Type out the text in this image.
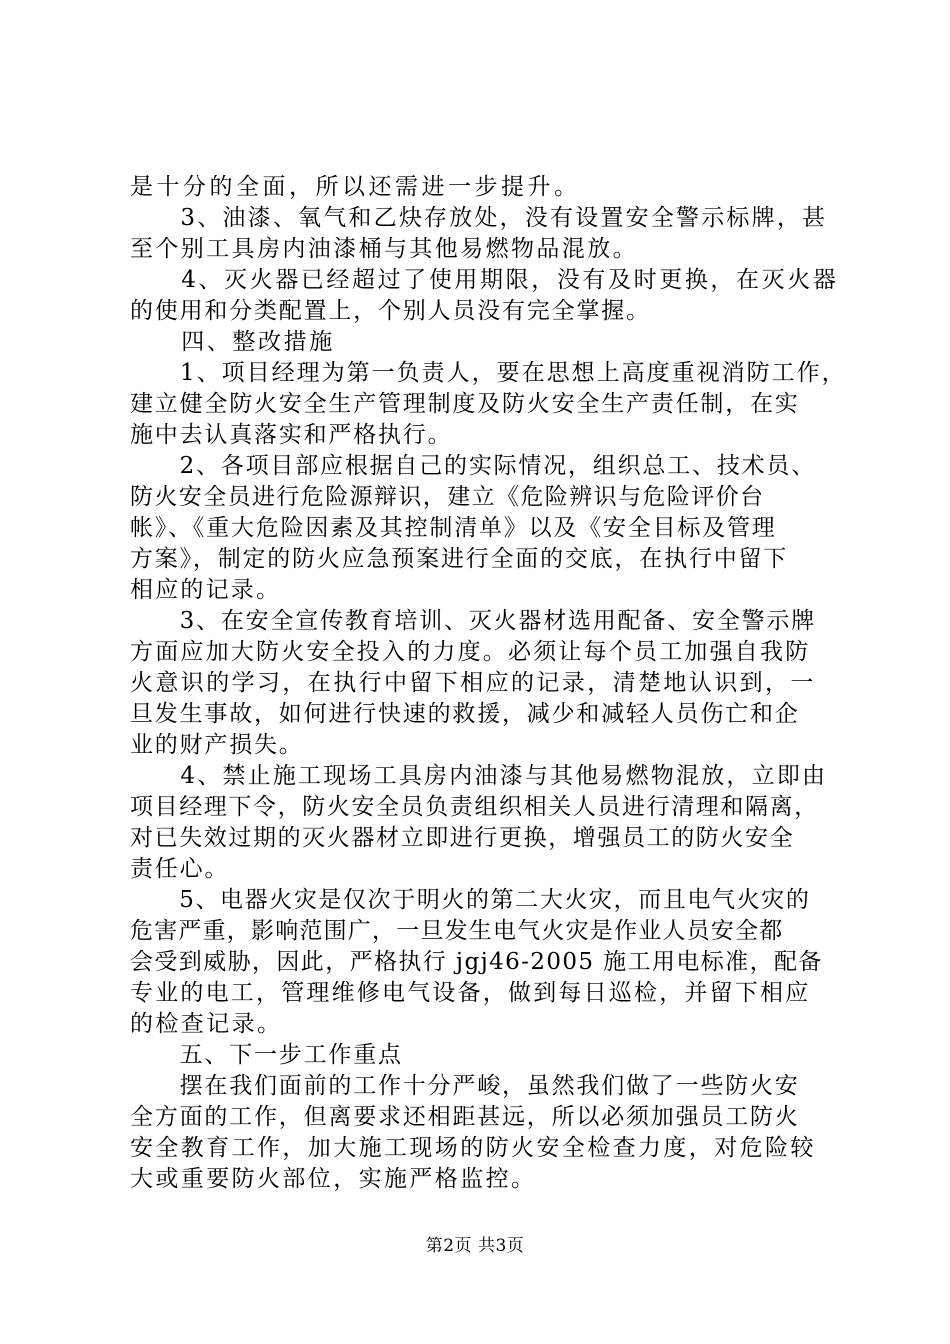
是十分的全面，所以还需进一步提升。
　　3、油漆、氧气和乙炔存放处，没有设置安全警示标牌，甚
至个别工具房内油漆桶与其他易燃物品混放。
　　4、灭火器已经超过了使用期限，没有及时更换，在灭火器
的使用和分类配置上，个别人员没有完全掌握。
　　四、整改措施
　　1、项目经理为第一负责人，要在思想上高度重视消防工作，
建立健全防火安全生产管理制度及防火安全生产责任制，在实
施中去认真落实和严格执行。
　　2、各项目部应根据自己的实际情况，组织总工、技术员、
防火安全员进行危险源辩识，建立《危险辨识与危险评价台
帐》、《重大危险因素及其控制清单》以及《安全目标及管理
方案》，制定的防火应急预案进行全面的交底，在执行中留下
相应的记录。
　　3、在安全宣传教育培训、灭火器材选用配备、安全警示牌
方面应加大防火安全投入的力度。必须让每个员工加强自我防
火意识的学习，在执行中留下相应的记录，清楚地认识到，一
旦发生事故，如何进行快速的救援，减少和减轻人员伤亡和企
业的财产损失。
　　4、禁止施工现场工具房内油漆与其他易燃物混放，立即由
项目经理下令，防火安全员负责组织相关人员进行清理和隔离，
对已失效过期的灭火器材立即进行更换，增强员工的防火安全
责任心。
　　5、电器火灾是仅次于明火的第二大火灾，而且电气火灾的
危害严重，影响范围广，一旦发生电气火灾是作业人员安全都
会受到威胁，因此，严格执行 jgj46-2005 施工用电标准，配备
专业的电工，管理维修电气设备，做到每日巡检，并留下相应
的检查记录。
　　五、下一步工作重点
　　摆在我们面前的工作十分严峻，虽然我们做了一些防火安
全方面的工作，但离要求还相距甚远，所以必须加强员工防火
安全教育工作，加大施工现场的防火安全检查力度，对危险较
大或重要防火部位，实施严格监控。
第2页 共3页
